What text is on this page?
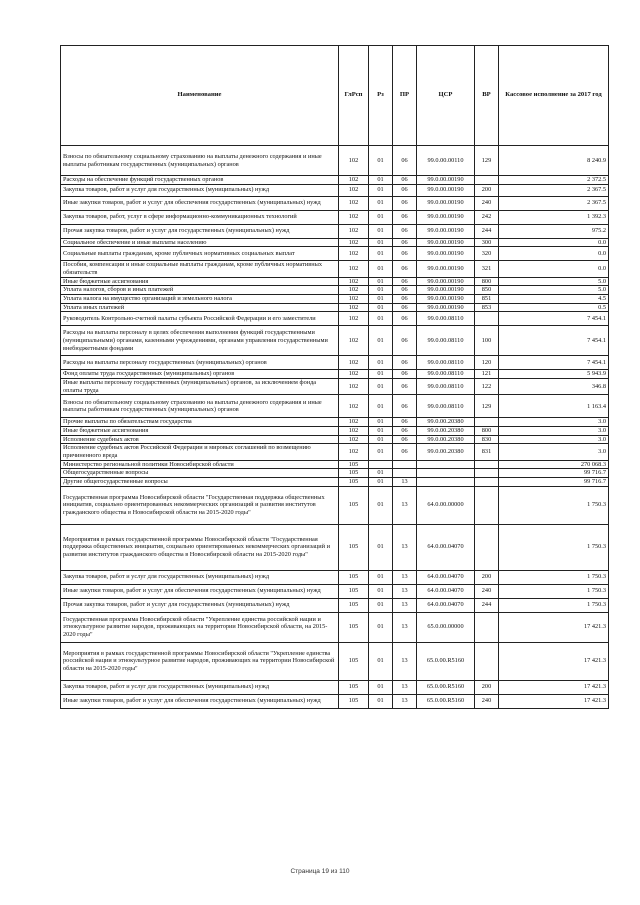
Наименование	ГлРсп	Рз	ПР	ЦСР	ВР	Кассовое исполнение за 2017 год
Взносы по обязательному социальному страхованию на выплаты денежного содержания и иные выплаты работникам государственных (муниципальных) органов	102	01	06	99.0.00.00110	129	8 240.9
Расходы на обеспечение функций государственных органов	102	01	06	99.0.00.00190		2 372.5
Закупка товаров, работ и услуг для государственных (муниципальных) нужд	102	01	06	99.0.00.00190	200	2 367.5
Иные закупки товаров, работ и услуг для обеспечения государственных (муниципальных) нужд	102	01	06	99.0.00.00190	240	2 367.5
Закупка товаров, работ, услуг в сфере информационно-коммуникационных технологий	102	01	06	99.0.00.00190	242	1 392.3
Прочая закупка товаров, работ и услуг для государственных (муниципальных) нужд	102	01	06	99.0.00.00190	244	975.2
Социальное обеспечение и иные выплаты населению	102	01	06	99.0.00.00190	300	0.0
Социальные выплаты гражданам, кроме публичных нормативных социальных выплат	102	01	06	99.0.00.00190	320	0.0
Пособия, компенсации и иные социальные выплаты гражданам, кроме публичных нормативных обязательств	102	01	06	99.0.00.00190	321	0.0
Иные бюджетные ассигнования	102	01	06	99.0.00.00190	800	5.0
Уплата налогов, сборов и иных платежей	102	01	06	99.0.00.00190	850	5.0
Уплата налога на имущество организаций и земельного налога	102	01	06	99.0.00.00190	851	4.5
Уплата иных платежей	102	01	06	99.0.00.00190	853	0.5
Руководитель Контрольно-счетной палаты субъекта Российской Федерации и его заместители	102	01	06	99.0.00.08110		7 454.1
Расходы на выплаты персоналу в целях обеспечения выполнения функций государственными (муниципальными) органами, казенными учреждениями, органами управления государственными внебюджетными фондами	102	01	06	99.0.00.08110	100	7 454.1
Расходы на выплаты персоналу государственных (муниципальных) органов	102	01	06	99.0.00.08110	120	7 454.1
Фонд оплаты труда государственных (муниципальных) органов	102	01	06	99.0.00.08110	121	5 943.9
Иные выплаты персоналу государственных (муниципальных) органов, за исключением фонда оплаты труда	102	01	06	99.0.00.08110	122	346.8
Взносы по обязательному социальному страхованию на выплаты денежного содержания и иные выплаты работникам государственных (муниципальных) органов	102	01	06	99.0.00.08110	129	1 163.4
Прочие выплаты по обязательствам государства	102	01	06	99.0.00.20380		3.0
Иные бюджетные ассигнования	102	01	06	99.0.00.20380	800	3.0
Исполнение судебных актов	102	01	06	99.0.00.20380	830	3.0
Исполнение судебных актов Российской Федерации и мировых соглашений по возмещению причиненного вреда	102	01	06	99.0.00.20380	831	3.0
Министерство региональной политики Новосибирской области	105					270 068.3
Общегосударственные вопросы	105	01				99 716.7
Другие общегосударственные вопросы	105	01	13			99 716.7
Государственная программа Новосибирской области "Государственная поддержка общественных инициатив, социально ориентированных некоммерческих организаций и развития институтов гражданского общества в Новосибирской области на 2015-2020 годы"	105	01	13	64.0.00.00000		1 750.3
Мероприятия в рамках государственной программы Новосибирской области "Государственная поддержка общественных инициатив, социально ориентированных некоммерческих организаций и развития институтов гражданского общества в Новосибирской области на 2015-2020 годы"	105	01	13	64.0.00.04070		1 750.3
Закупка товаров, работ и услуг для государственных (муниципальных) нужд	105	01	13	64.0.00.04070	200	1 750.3
Иные закупки товаров, работ и услуг для обеспечения государственных (муниципальных) нужд	105	01	13	64.0.00.04070	240	1 750.3
Прочая закупка товаров, работ и услуг для государственных (муниципальных) нужд	105	01	13	64.0.00.04070	244	1 750.3
Государственная программа Новосибирской области "Укрепление единства российской нации и этнокультурное развитие народов, проживающих на территории Новосибирской области, на 2015-2020 годы"	105	01	13	65.0.00.00000		17 421.3
Мероприятия в рамках государственной программы Новосибирской области "Укрепление единства российской нации и этнокультурное развитие народов, проживающих на территории Новосибирской области на 2015-2020 годы"	105	01	13	65.0.00.R5160		17 421.3
Закупка товаров, работ и услуг для государственных (муниципальных) нужд	105	01	13	65.0.00.R5160	200	17 421.3
Иные закупки товаров, работ и услуг для обеспечения государственных (муниципальных) нужд	105	01	13	65.0.00.R5160	240	17 421.3
Страница 19 из 110
